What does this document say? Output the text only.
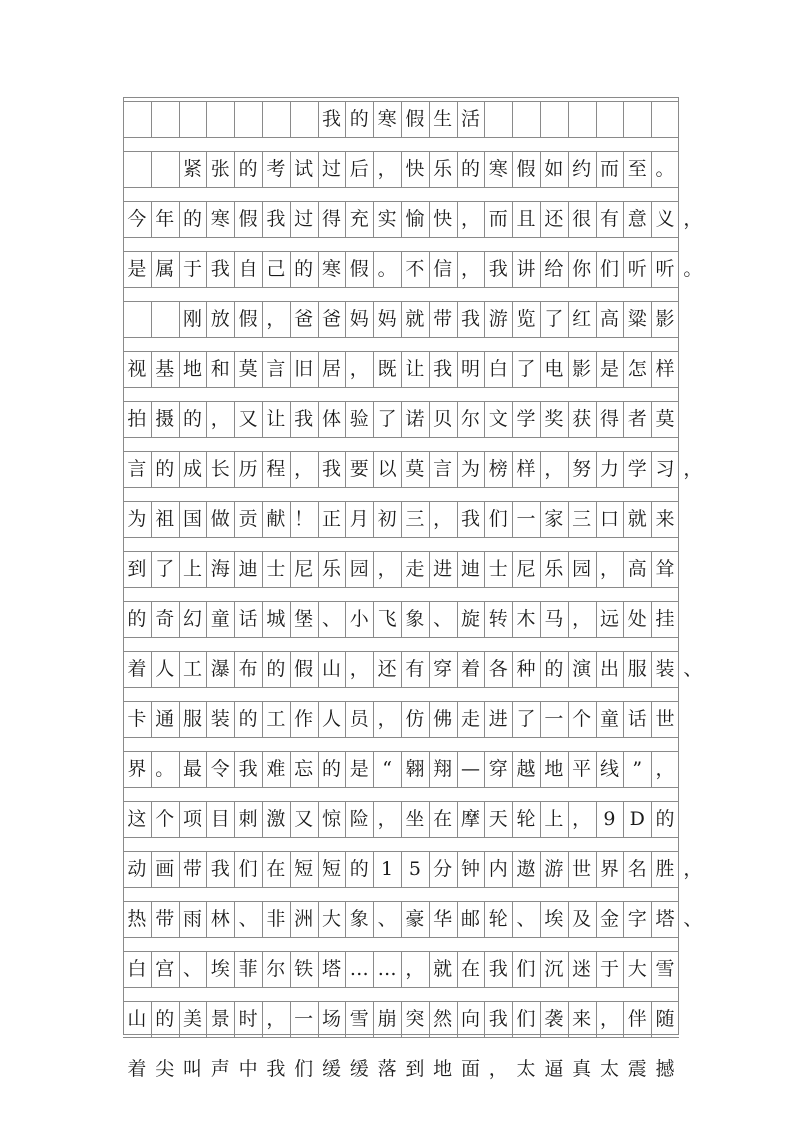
我 的 寒 假 生 活

紧 张 的 考 试 过 后 ， 快 乐 的 寒 假 如 约 而 至 。
今 年 的 寒 假 我 过 得 充 实 愉 快 ， 而 且 还 很 有 意 义 ，
是 属 于 我 自 己 的 寒 假 。 不 信 ， 我 讲 给 你 们 听 听 。

刚 放 假 ， 爸 爸 妈 妈 就 带 我 游 览 了 红 高 粱 影
视 基 地 和 莫 言 旧 居 ， 既 让 我 明 白 了 电 影 是 怎 样
拍 摄 的 ， 又 让 我 体 验 了 诺 贝 尔 文 学 奖 获 得 者 莫
言 的 成 长 历 程 ， 我 要 以 莫 言 为 榜 样 ， 努 力 学 习 ，
为 祖 国 做 贡 献 ！ 正 月 初 三 ， 我 们 一 家 三 口 就 来
到 了 上 海 迪 士 尼 乐 园 ， 走 进 迪 士 尼 乐 园 ， 高 耸
的 奇 幻 童 话 城 堡 、 小 飞 象 、 旋 转 木 马 ， 远 处 挂
着 人 工 瀑 布 的 假 山 ， 还 有 穿 着 各 种 的 演 出 服 装 、
卡 通 服 装 的 工 作 人 员 ， 仿 佛 走 进 了 一 个 童 话 世
界 。 最 令 我 难 忘 的 是 “ 翱 翔 — 穿 越 地 平 线 ” ，
这 个 项 目 刺 激 又 惊 险 ， 坐 在 摩 天 轮 上 ， 9 D 的
动 画 带 我 们 在 短 短 的 1 5 分 钟 内 遨 游 世 界 名 胜 ，
热 带 雨 林 、 非 洲 大 象 、 豪 华 邮 轮 、 埃 及 金 字 塔 、
白 宫 、 埃 菲 尔 铁 塔 … … ， 就 在 我 们 沉 迷 于 大 雪
山 的 美 景 时 ， 一 场 雪 崩 突 然 向 我 们 袭 来 ， 伴 随
着 尖 叫 声 中 我 们 缓 缓 落 到 地 面 ， 太 逼 真 太 震 撼
